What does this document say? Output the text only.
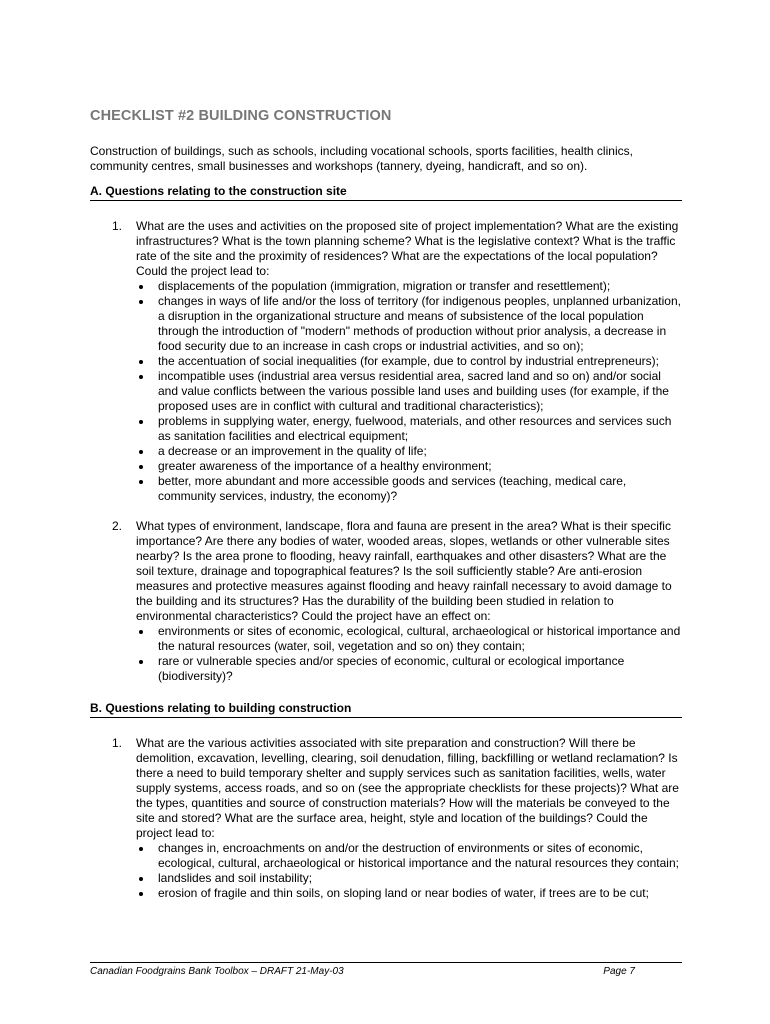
CHECKLIST #2 BUILDING CONSTRUCTION

Construction of buildings, such as schools, including vocational schools, sports facilities, health clinics, community centres, small businesses and workshops (tannery, dyeing, handicraft, and so on).

A. Questions relating to the construction site
1. What are the uses and activities on the proposed site of project implementation? What are the existing infrastructures? What is the town planning scheme? What is the legislative context? What is the traffic rate of the site and the proximity of residences? What are the expectations of the local population? Could the project lead to:

displacements of the population (immigration, migration or transfer and resettlement);
changes in ways of life and/or the loss of territory (for indigenous peoples, unplanned urbanization, a disruption in the organizational structure and means of subsistence of the local population through the introduction of "modern" methods of production without prior analysis, a decrease in food security due to an increase in cash crops or industrial activities, and so on);
the accentuation of social inequalities (for example, due to control by industrial entrepreneurs);
incompatible uses (industrial area versus residential area, sacred land and so on) and/or social and value conflicts between the various possible land uses and building uses (for example, if the proposed uses are in conflict with cultural and traditional characteristics);
problems in supplying water, energy, fuelwood, materials, and other resources and services such as sanitation facilities and electrical equipment;
a decrease or an improvement in the quality of life;
greater awareness of the importance of a healthy environment;
better, more abundant and more accessible goods and services (teaching, medical care, community services, industry, the economy)?
2. What types of environment, landscape, flora and fauna are present in the area? What is their specific importance? Are there any bodies of water, wooded areas, slopes, wetlands or other vulnerable sites nearby? Is the area prone to flooding, heavy rainfall, earthquakes and other disasters? What are the soil texture, drainage and topographical features? Is the soil sufficiently stable? Are anti-erosion measures and protective measures against flooding and heavy rainfall necessary to avoid damage to the building and its structures? Has the durability of the building been studied in relation to environmental characteristics? Could the project have an effect on:

environments or sites of economic, ecological, cultural, archaeological or historical importance and the natural resources (water, soil, vegetation and so on) they contain;
rare or vulnerable species and/or species of economic, cultural or ecological importance (biodiversity)?
B. Questions relating to building construction
1. What are the various activities associated with site preparation and construction? Will there be demolition, excavation, levelling, clearing, soil denudation, filling, backfilling or wetland reclamation? Is there a need to build temporary shelter and supply services such as sanitation facilities, wells, water supply systems, access roads, and so on (see the appropriate checklists for these projects)? What are the types, quantities and source of construction materials? How will the materials be conveyed to the site and stored? What are the surface area, height, style and location of the buildings? Could the project lead to:

changes in, encroachments on and/or the destruction of environments or sites of economic, ecological, cultural, archaeological or historical importance and the natural resources they contain;
landslides and soil instability;
erosion of fragile and thin soils, on sloping land or near bodies of water, if trees are to be cut;
Canadian Foodgrains Bank Toolbox – DRAFT 21-May-03	Page 7
